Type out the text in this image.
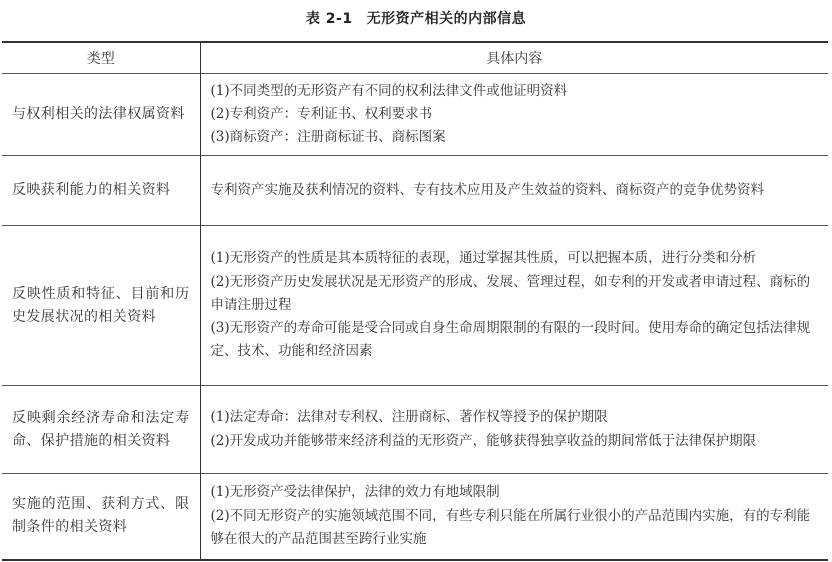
表 2-1 无形资产相关的内部信息
类型	具体内容
与权利相关的法律权属资料	(1)不同类型的无形资产有不同的权利法律文件或他证明资料
(2)专利资产：专利证书、权利要求书
(3)商标资产：注册商标证书、商标图案

反映获利能力的相关资料	专利资产实施及获利情况的资料、专有技术应用及产生效益的资料、商标资产的竞争优势资料

反映性质和特征、目前和历史发展状况的相关资料	(1)无形资产的性质是其本质特征的表现，通过掌握其性质，可以把握本质，进行分类和分析
(2)无形资产历史发展状况是无形资产的形成、发展、管理过程，如专利的开发或者申请过程、商标的申请注册过程
(3)无形资产的寿命可能是受合同或自身生命周期限制的有限的一段时间。使用寿命的确定包括法律规定、技术、功能和经济因素

反映剩余经济寿命和法定寿命、保护措施的相关资料	(1)法定寿命：法律对专利权、注册商标、著作权等授予的保护期限
(2)开发成功并能够带来经济利益的无形资产，能够获得独享收益的期间常低于法律保护期限

实施的范围、获利方式、限制条件的相关资料	(1)无形资产受法律保护，法律的效力有地域限制
(2)不同无形资产的实施领域范围不同，有些专利只能在所属行业很小的产品范围内实施，有的专利能够在很大的产品范围甚至跨行业实施
